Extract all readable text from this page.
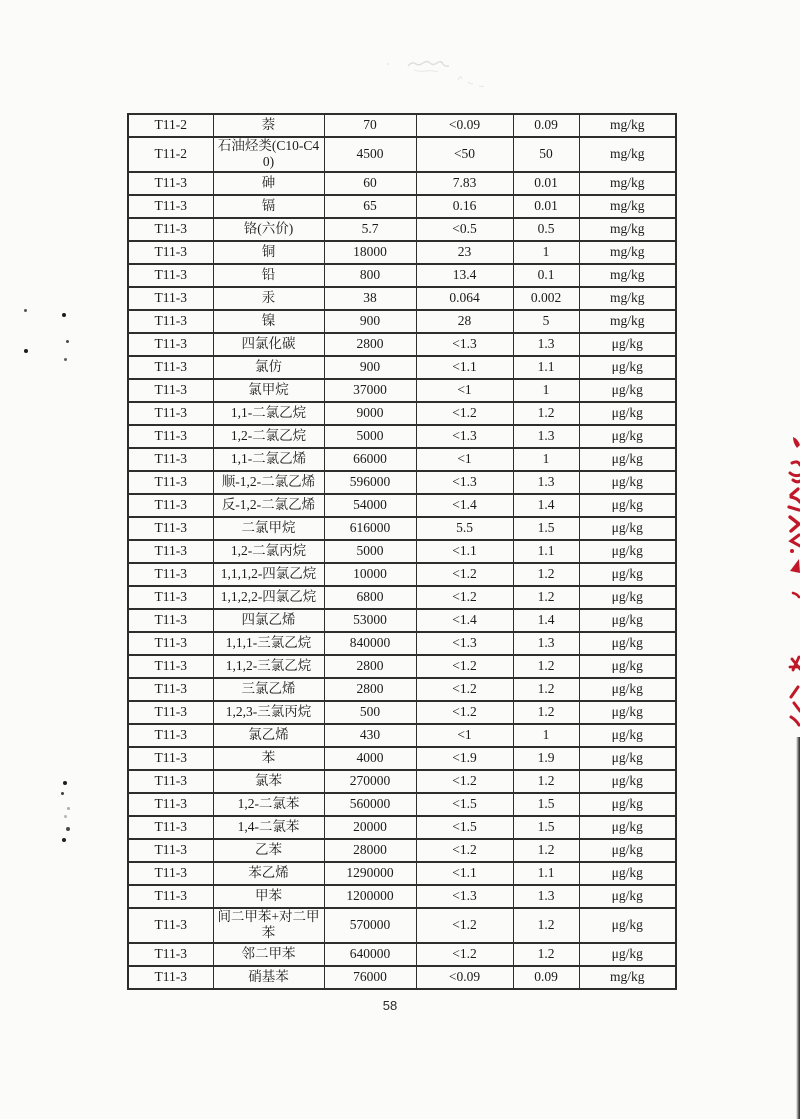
T11-2	萘	70	<0.09	0.09	mg/kg
T11-2	石油烃类(C10-C40)	4500	<50	50	mg/kg
T11-3	砷	60	7.83	0.01	mg/kg
T11-3	镉	65	0.16	0.01	mg/kg
T11-3	铬(六价)	5.7	<0.5	0.5	mg/kg
T11-3	铜	18000	23	1	mg/kg
T11-3	铅	800	13.4	0.1	mg/kg
T11-3	汞	38	0.064	0.002	mg/kg
T11-3	镍	900	28	5	mg/kg
T11-3	四氯化碳	2800	<1.3	1.3	μg/kg
T11-3	氯仿	900	<1.1	1.1	μg/kg
T11-3	氯甲烷	37000	<1	1	μg/kg
T11-3	1,1-二氯乙烷	9000	<1.2	1.2	μg/kg
T11-3	1,2-二氯乙烷	5000	<1.3	1.3	μg/kg
T11-3	1,1-二氯乙烯	66000	<1	1	μg/kg
T11-3	顺-1,2-二氯乙烯	596000	<1.3	1.3	μg/kg
T11-3	反-1,2-二氯乙烯	54000	<1.4	1.4	μg/kg
T11-3	二氯甲烷	616000	5.5	1.5	μg/kg
T11-3	1,2-二氯丙烷	5000	<1.1	1.1	μg/kg
T11-3	1,1,1,2-四氯乙烷	10000	<1.2	1.2	μg/kg
T11-3	1,1,2,2-四氯乙烷	6800	<1.2	1.2	μg/kg
T11-3	四氯乙烯	53000	<1.4	1.4	μg/kg
T11-3	1,1,1-三氯乙烷	840000	<1.3	1.3	μg/kg
T11-3	1,1,2-三氯乙烷	2800	<1.2	1.2	μg/kg
T11-3	三氯乙烯	2800	<1.2	1.2	μg/kg
T11-3	1,2,3-三氯丙烷	500	<1.2	1.2	μg/kg
T11-3	氯乙烯	430	<1	1	μg/kg
T11-3	苯	4000	<1.9	1.9	μg/kg
T11-3	氯苯	270000	<1.2	1.2	μg/kg
T11-3	1,2-二氯苯	560000	<1.5	1.5	μg/kg
T11-3	1,4-二氯苯	20000	<1.5	1.5	μg/kg
T11-3	乙苯	28000	<1.2	1.2	μg/kg
T11-3	苯乙烯	1290000	<1.1	1.1	μg/kg
T11-3	甲苯	1200000	<1.3	1.3	μg/kg
T11-3	间二甲苯+对二甲苯	570000	<1.2	1.2	μg/kg
T11-3	邻二甲苯	640000	<1.2	1.2	μg/kg
T11-3	硝基苯	76000	<0.09	0.09	mg/kg
58
